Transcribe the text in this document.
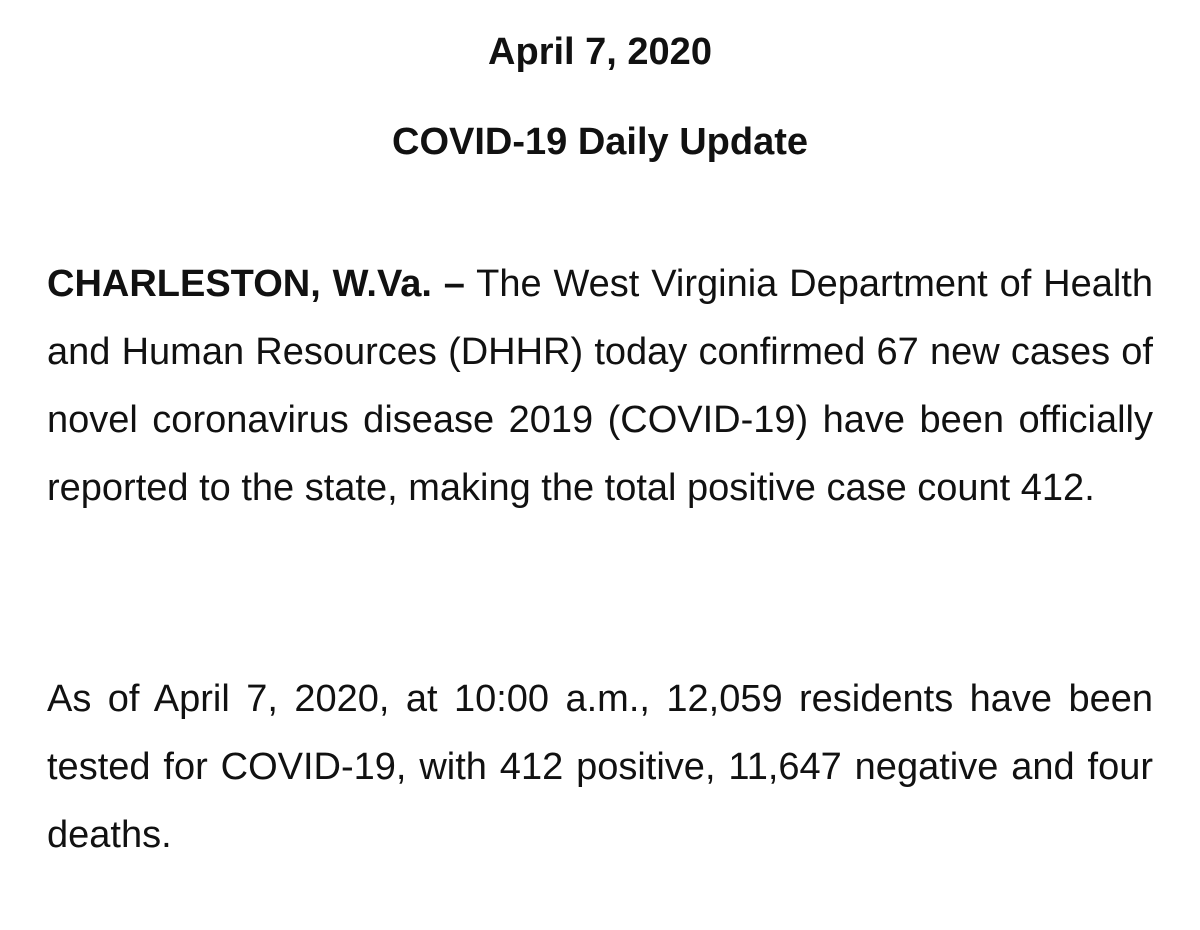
April 7, 2020
COVID-19 Daily Update

CHARLESTON, W.Va. – The West Virginia Department of Health and Human Resources (DHHR) today confirmed 67 new cases of novel coronavirus disease 2019 (COVID-19) have been officially reported to the state, making the total positive case count 412.

As of April 7, 2020, at 10:00 a.m., 12,059 residents have been tested for COVID-19, with 412 positive, 11,647 negative and four deaths.
